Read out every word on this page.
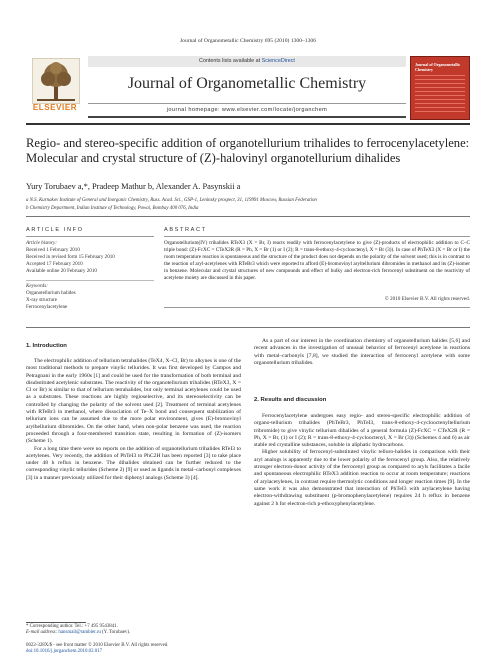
Journal of Organometallic Chemistry 695 (2010) 1300–1306
ELSEVIER
Contents lists available at ScienceDirect
Journal of Organometallic Chemistry
journal homepage: www.elsevier.com/locate/jorganchem
Journal of Organometallic Chemistry
Regio- and stereo-specific addition of organotellurium trihalides to ferrocenylacetylene: Molecular and crystal structure of (Z)-halovinyl organotellurium dihalides
Yury Torubaev a,*, Pradeep Mathur b, Alexander A. Pasynskii a
a N.S. Kurnakov Institute of General and Inorganic Chemistry, Russ. Acad. Sci., GSP-1, Leninsky prospect, 31, 119991 Moscow, Russian Federation
b Chemistry Department, Indian Institute of Technology, Powai, Bombay 400 076, India
ARTICLE INFO	ABSTRACT
Article history:
Received 1 February 2010
Received in revised form 15 February 2010
Accepted 17 February 2010
Available online 20 February 2010
Keywords:
Organotellurium halides
X-ray structure
Ferrocenylacetylene
Organotellurium(IV) trihalides RTeX3 (X = Br, I) reacts readily with ferrocenylacetylene to give (Z)-products of electrophilic addition to C–C triple bond: (Z)-FcXC = CTeX2R (R = Ph, X = Br (1) or I (2); R = trans-8-ethoxy-4-cyclooctenyl, X = Br (3)). In case of PhTeX3 (X = Br or I) the room temperature reaction is spontaneous and the structure of the product does not depends on the polarity of the solvent used; this is in contrast to the reaction of aryl-acetylenes with RTeBr3 which were reported to afford (E)-bromovinyl aryltellurium dibromides in methanol and its (Z)-isomer in benzene. Molecular and crystal structures of new compounds and effect of bulky and electron-rich ferrocenyl substituent on the reactivity of acetylene moiety are discussed in this paper.
© 2010 Elsevier B.V. All rights reserved.
1. Introduction

The electrophilic addition of tellurium tetrahalides (TeX4, X–Cl, Br) to alkynes is one of the most traditional methods to prepare vinylic tellurides. It was first developed by Campos and Petragnani in the early 1960s [1] and could be used for the transformation of both terminal and disubstituted acetylenic substrates. The reactivity of the organotellurium trihalides (RTeX3, X = Cl or Br) is similar to that of tellurium tetrahalides, but only terminal acetylenes could be used as a substrates. These reactions are highly regioselective, and its stereoselectivity can be controlled by changing the polarity of the solvent used [2]. Treatment of terminal acetylenes with RTeBr3 in methanol, where dissociation of Te–X bond and consequent stabilization of tellurium ions can be assumed due to the more polar environment, gives (E)-bromovinyl arylhellurium dibromides. On the other hand, when non-polar benzene was used, the reaction proceeded through a four-membered transition state, resulting in formation of (Z)-isomers (Scheme 1).

For a long time there were no reports on the addition of organotellurium trihalides RTeI3 to acetylenes. Very recently, the addition of PhTeI3 to PhC2H has been reported [3] to take place under 48 h reflux in benzene. The dihalides obtained can be further reduced to the corresponding vinylic tellurides (Scheme 2) [9] or used as ligands in metal–carbonyl complexes [3] in a manner previously utilized for their diphenyl analogs (Scheme 3) [4].

As a part of our interest in the coordination chemistry of organotellurium halides [5,6] and recent advances in the investigation of unusual behavior of ferrocenyl acetylene in reactions with metal–carbonyls [7,8], we studied the interaction of ferrocenyl acetylene with some organotellurium trihalides.

2. Results and discussion

Ferrocenylacetylene undergoes easy regio- and stereo-specific electrophilic addition of organo-tellurium trihalides (PhTeBr3, PhTeI3, trans-8-ethoxy-4-cyclooctenyltellurium tribromide) to give vinylic tellurium dihalides of a general formula (Z)-FcXC = CTeX2R (R = Ph, X = Br, (1) or I (2); R = trans-8-ethoxy-4-cyclooctenyl, X = Br (3)) (Schemes 4 and 6) as air stable red crystalline substances, soluble in aliphatic hydrocarbons.

Higher solubility of ferrocenyl-substituted vinylic telluro-halides in comparison with their aryl analogs is apparently due to the lower polarity of the ferrocenyl group. Also, the relatively stronger electron-donor activity of the ferrocenyl group as compared to aryls facilitates a facile and spontaneous electrophilic RTeX3 addition reaction to occur at room temperature; reactions of arylacetylenes, in contrast require thermolytic conditions and longer reaction times [9]. In the same work it was also demonstrated that interaction of PhTeI3 with arylacetylene having electron-withdrawing substituent (p-bromophenylacetylene) requires 24 h reflux in benzene against 2 h for electron-rich p-ethoxyphenylacetylene.

* Corresponding author. Tel.: +7 495 9543841.
E-mail address: hansmail@rambler.ru (Y. Torubaev).
0022-328X/$ - see front matter © 2010 Elsevier B.V. All rights reserved.
doi:10.1016/j.jorganchem.2010.02.017
